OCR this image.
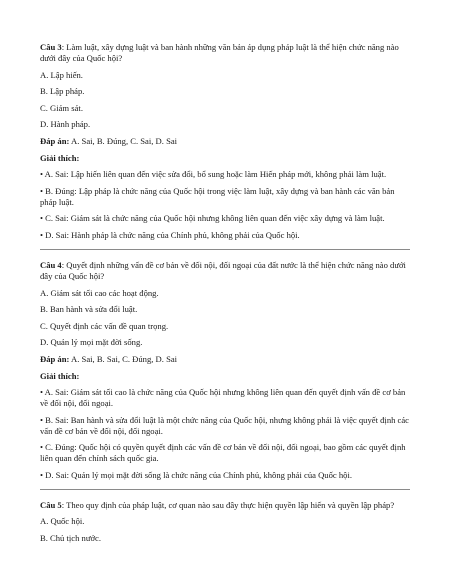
Câu 3: Làm luật, xây dựng luật và ban hành những văn bản áp dụng pháp luật là thể hiện chức năng nào dưới đây của Quốc hội?

A. Lập hiến.

B. Lập pháp.

C. Giám sát.

D. Hành pháp.

Đáp án: A. Sai, B. Đúng, C. Sai, D. Sai

Giải thích:

• A. Sai: Lập hiến liên quan đến việc sửa đổi, bổ sung hoặc làm Hiến pháp mới, không phải làm luật.

• B. Đúng: Lập pháp là chức năng của Quốc hội trong việc làm luật, xây dựng và ban hành các văn bản pháp luật.

• C. Sai: Giám sát là chức năng của Quốc hội nhưng không liên quan đến việc xây dựng và làm luật.

• D. Sai: Hành pháp là chức năng của Chính phủ, không phải của Quốc hội.

Câu 4: Quyết định những vấn đề cơ bản về đối nội, đối ngoại của đất nước là thể hiện chức năng nào dưới đây của Quốc hội?

A. Giám sát tối cao các hoạt động.

B. Ban hành và sửa đổi luật.

C. Quyết định các vấn đề quan trọng.

D. Quản lý mọi mặt đời sống.

Đáp án: A. Sai, B. Sai, C. Đúng, D. Sai

Giải thích:

• A. Sai: Giám sát tối cao là chức năng của Quốc hội nhưng không liên quan đến quyết định vấn đề cơ bản về đối nội, đối ngoại.

• B. Sai: Ban hành và sửa đổi luật là một chức năng của Quốc hội, nhưng không phải là việc quyết định các vấn đề cơ bản về đối nội, đối ngoại.

• C. Đúng: Quốc hội có quyền quyết định các vấn đề cơ bản về đối nội, đối ngoại, bao gồm các quyết định liên quan đến chính sách quốc gia.

• D. Sai: Quản lý mọi mặt đời sống là chức năng của Chính phủ, không phải của Quốc hội.

Câu 5: Theo quy định của pháp luật, cơ quan nào sau đây thực hiện quyền lập hiến và quyền lập pháp?

A. Quốc hội.

B. Chủ tịch nước.
